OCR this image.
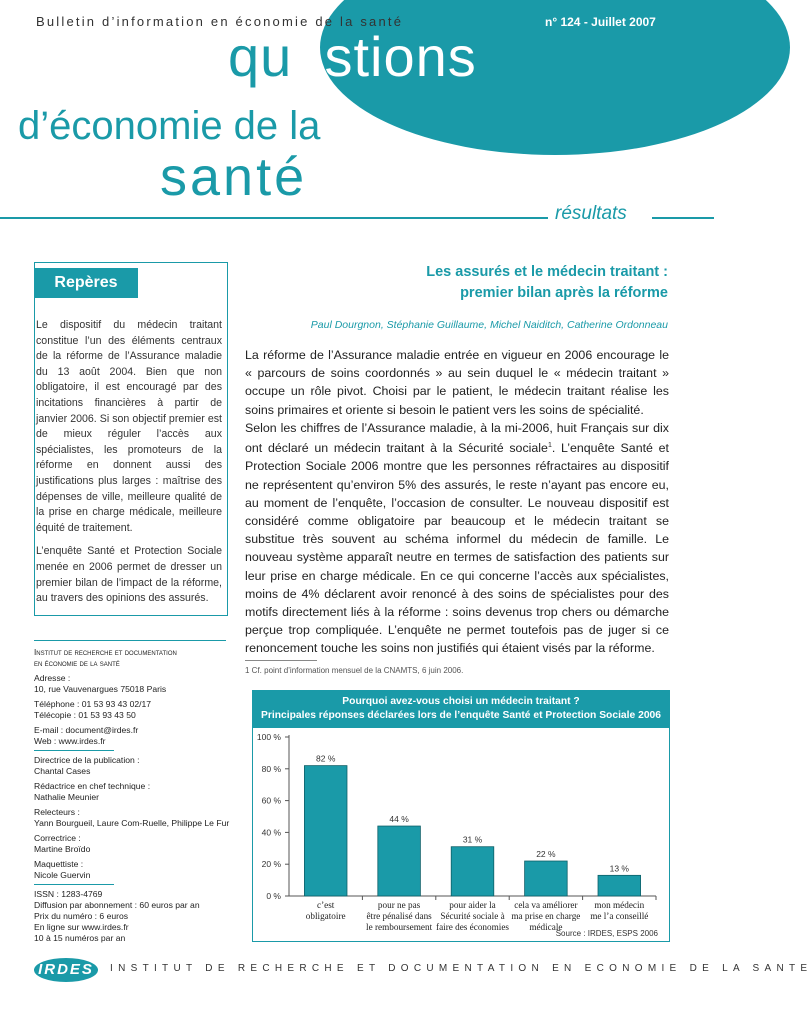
Bulletin d’information en économie de la santé	n° 124 - Juillet 2007
questions
d’économie de la
santé
résultats
Repères

Le dispositif du médecin traitant constitue l’un des éléments centraux de la réforme de l’Assurance maladie du 13 août 2004. Bien que non obligatoire, il est encouragé par des incitations financières à partir de janvier 2006. Si son objectif premier est de mieux réguler l’accès aux spécialistes, les promoteurs de la réforme en donnent aussi des justifications plus larges : maîtrise des dépenses de ville, meilleure qualité de la prise en charge médicale, meilleure équité de traitement.

L’enquête Santé et Protection Sociale menée en 2006 permet de dresser un premier bilan de l’impact de la réforme, au travers des opinions des assurés.

Les assurés et le médecin traitant :
premier bilan après la réforme
Paul Dourgnon, Stéphanie Guillaume, Michel Naiditch, Catherine Ordonneau

La réforme de l’Assurance maladie entrée en vigueur en 2006 encourage le « parcours de soins coordonnés » au sein duquel le « médecin traitant » occupe un rôle pivot. Choisi par le patient, le médecin traitant réalise les soins primaires et oriente si besoin le patient vers les soins de spécialité.

Selon les chiffres de l’Assurance maladie, à la mi-2006, huit Français sur dix ont déclaré un médecin traitant à la Sécurité sociale$^1$. L’enquête Santé et Protection Sociale 2006 montre que les personnes réfractaires au dispositif ne représentent qu’environ 5% des assurés, le reste n’ayant pas encore eu, au moment de l’enquête, l’occasion de consulter. Le nouveau dispositif est considéré comme obligatoire par beaucoup et le médecin traitant se substitue très souvent au schéma informel du médecin de famille. Le nouveau système apparaît neutre en termes de satisfaction des patients sur leur prise en charge médicale. En ce qui concerne l’accès aux spécialistes, moins de 4% déclarent avoir renoncé à des soins de spécialistes pour des motifs directement liés à la réforme : soins devenus trop chers ou démarche perçue trop compliquée. L’enquête ne permet toutefois pas de juger si ce renoncement touche les soins non justifiés qui étaient visés par la réforme.

1 Cf. point d’information mensuel de la CNAMTS, 6 juin 2006.
Institut de recherche et documentation
en économie de la santé
Adresse :
10, rue Vauvenargues 75018 Paris
Téléphone : 01 53 93 43 02/17
Télécopie : 01 53 93 43 50
E-mail : document@irdes.fr
Web : www.irdes.fr
Directrice de la publication :
Chantal Cases
Rédactrice en chef technique :
Nathalie Meunier
Relecteurs :
Yann Bourgueil, Laure Com-Ruelle, Philippe Le Fur
Correctrice :
Martine Broïdo
Maquettiste :
Nicole Guervin
ISSN : 1283-4769
Diffusion par abonnement : 60 euros par an
Prix du numéro : 6 euros
En ligne sur www.irdes.fr
10 à 15 numéros par an
Pourquoi avez-vous choisi un médecin traitant ?
Principales réponses déclarées lors de l’enquête Santé et Protection Sociale 2006
0 %
20 %
40 %
60 %
80 %
100 %
82 %
c’est
obligatoire
44 %
pour ne pas
être pénalisé dans
le remboursement
31 %
pour aider la
Sécurité sociale à
faire des économies
22 %
cela va améliorer
ma prise en charge
médicale
13 %
mon médecin
me l’a conseillé
Source : IRDES, ESPS 2006
IRDES	INSTITUT DE RECHERCHE ET DOCUMENTATION EN ECONOMIE DE LA SANTE
